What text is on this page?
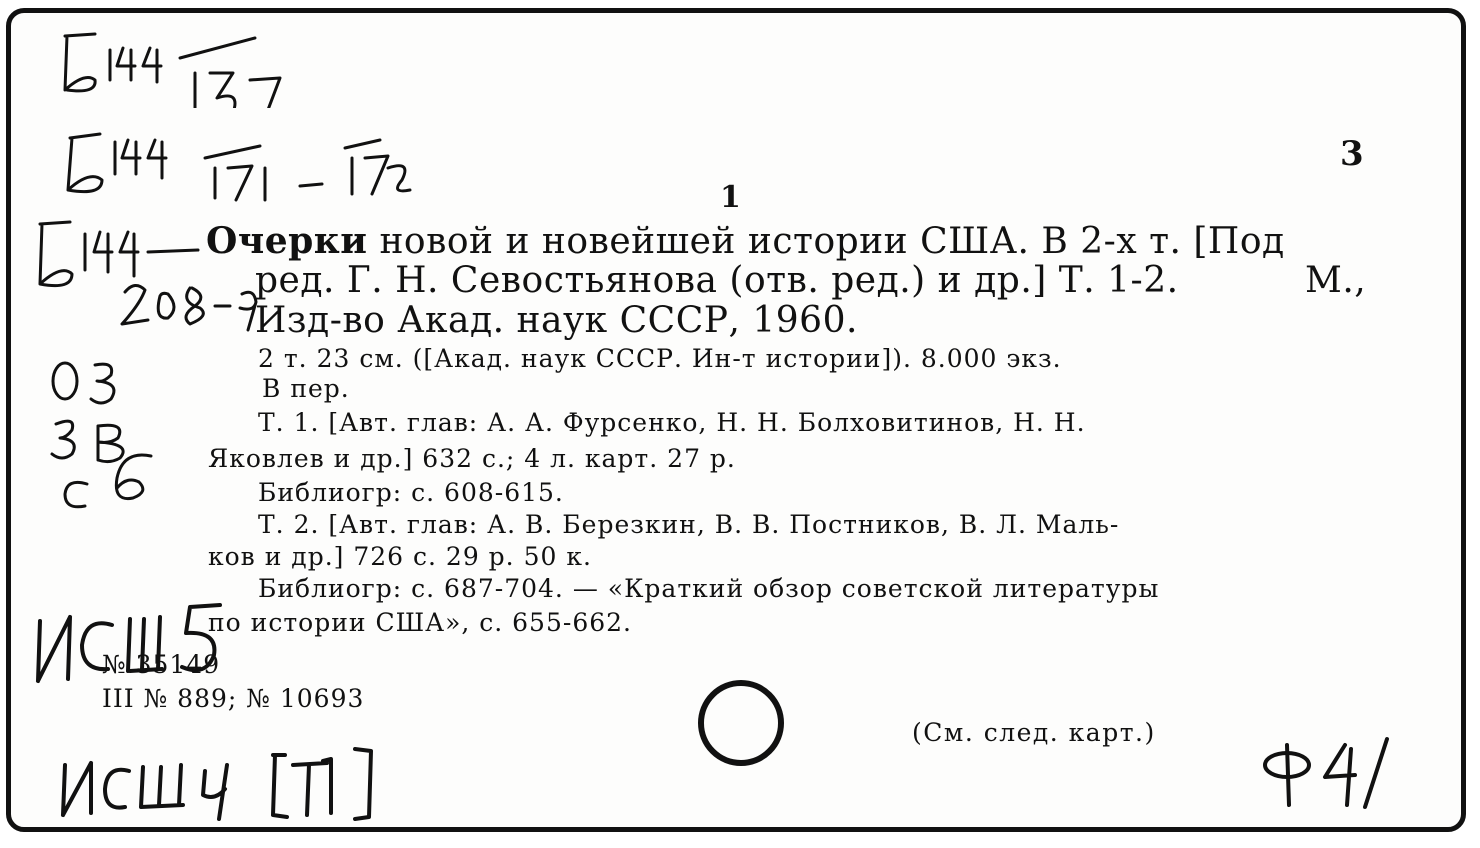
3
1
Очерки новой и новейшей истории США. В 2-х т. [Под
ред. Г. Н. Севостьянова (отв. ред.) и др.] Т. 1-2.	М.,
Изд-во Акад. наук СССР, 1960.
2 т. 23 см. ([Акад. наук СССР. Ин-т истории]). 8.000 экз.
В пер.
Т. 1. [Авт. глав: А. А. Фурсенко, Н. Н. Болховитинов, Н. Н.
Яковлев и др.] 632 с.; 4 л. карт. 27 р.
Библиогр: с. 608-615.
Т. 2. [Авт. глав: А. В. Березкин, В. В. Постников, В. Л. Маль-
ков и др.] 726 с. 29 р. 50 к.
Библиогр: с. 687-704. — «Краткий обзор советской литературы
по истории США», с. 655-662.
№ 35149
III № 889; № 10693
(См. след. карт.)
